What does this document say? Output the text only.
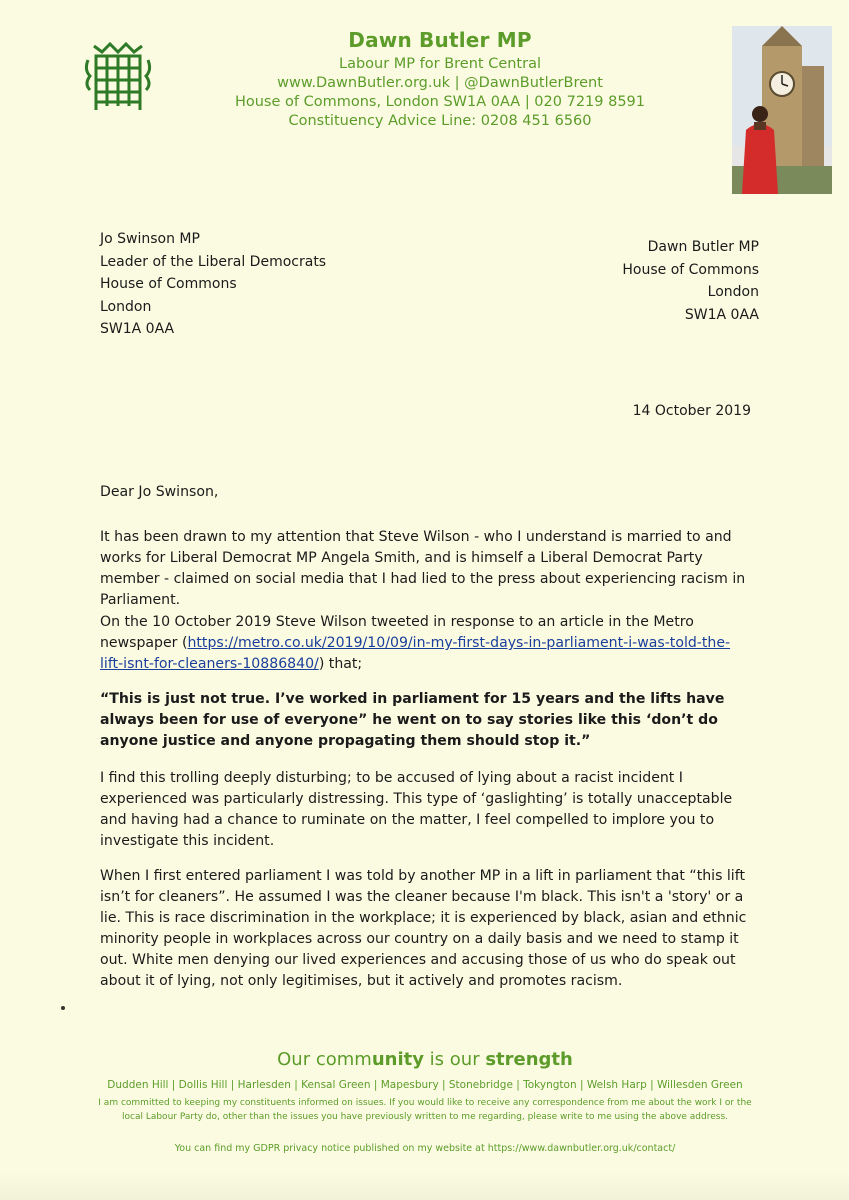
Dawn Butler MP
Labour MP for Brent Central
www.DawnButler.org.uk | @DawnButlerBrent
House of Commons, London SW1A 0AA | 020 7219 8591
Constituency Advice Line: 0208 451 6560
Jo Swinson MP
Leader of the Liberal Democrats
House of Commons
London
SW1A 0AA
Dawn Butler MP
House of Commons
London
SW1A 0AA
14 October 2019
Dear Jo Swinson,

It has been drawn to my attention that Steve Wilson - who I understand is married to and works for Liberal Democrat MP Angela Smith, and is himself a Liberal Democrat Party member - claimed on social media that I had lied to the press about experiencing racism in Parliament.

On the 10 October 2019 Steve Wilson tweeted in response to an article in the Metro newspaper (https://metro.co.uk/2019/10/09/in-my-first-days-in-parliament-i-was-told-the-lift-isnt-for-cleaners-10886840/) that;

“This is just not true. I’ve worked in parliament for 15 years and the lifts have always been for use of everyone” he went on to say stories like this ‘don’t do anyone justice and anyone propagating them should stop it.”

I find this trolling deeply disturbing; to be accused of lying about a racist incident I experienced was particularly distressing. This type of ‘gaslighting’ is totally unacceptable and having had a chance to ruminate on the matter, I feel compelled to implore you to investigate this incident.

When I first entered parliament I was told by another MP in a lift in parliament that “this lift isn’t for cleaners”. He assumed I was the cleaner because I'm black. This isn't a 'story' or a lie. This is race discrimination in the workplace; it is experienced by black, asian and ethnic minority people in workplaces across our country on a daily basis and we need to stamp it out. White men denying our lived experiences and accusing those of us who do speak out about it of lying, not only legitimises, but it actively and promotes racism.

Our community is our strength
Dudden Hill | Dollis Hill | Harlesden | Kensal Green | Mapesbury | Stonebridge | Tokyngton | Welsh Harp | Willesden Green
I am committed to keeping my constituents informed on issues. If you would like to receive any correspondence from me about the work I or the local Labour Party do, other than the issues you have previously written to me regarding, please write to me using the above address.
You can find my GDPR privacy notice published on my website at https://www.dawnbutler.org.uk/contact/
